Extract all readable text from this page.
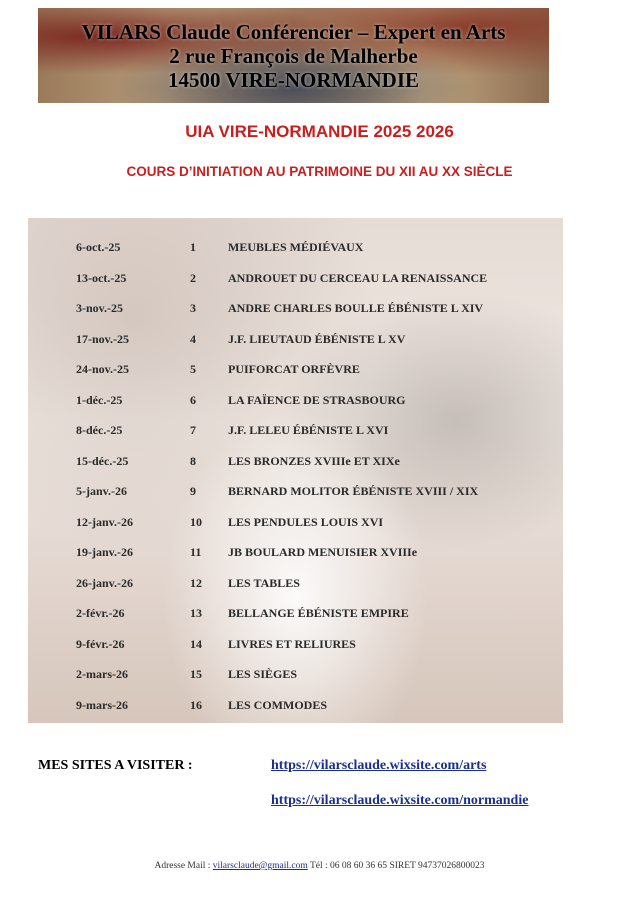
VILARS Claude Conférencier – Expert en Arts
2 rue François de Malherbe
14500 VIRE-NORMANDIE
UIA VIRE-NORMANDIE 2025 2026
COURS D’INITIATION AU PATRIMOINE DU XII AU XX SIÈCLE
6-oct.-25	1	MEUBLES MÉDIÉVAUX
13-oct.-25	2	ANDROUET DU CERCEAU LA RENAISSANCE
3-nov.-25	3	ANDRE CHARLES BOULLE ÉBÉNISTE L XIV
17-nov.-25	4	J.F. LIEUTAUD ÉBÉNISTE L XV
24-nov.-25	5	PUIFORCAT ORFÈVRE
1-déc.-25	6	LA FAÏENCE DE STRASBOURG
8-déc.-25	7	J.F. LELEU ÉBÉNISTE L XVI
15-déc.-25	8	LES BRONZES XVIIIe ET XIXe
5-janv.-26	9	BERNARD MOLITOR ÉBÉNISTE XVIII / XIX
12-janv.-26	10 LES PENDULES LOUIS XVI
19-janv.-26	11 JB BOULARD MENUISIER XVIIIe
26-janv.-26	12 LES TABLES
2-févr.-26	13 BELLANGE ÉBÉNISTE EMPIRE
9-févr.-26	14 LIVRES ET RELIURES
2-mars-26	15 LES SIÈGES
9-mars-26	16 LES COMMODES
MES SITES A VISITER :	https://vilarsclaude.wixsite.com/arts
https://vilarsclaude.wixsite.com/normandie
Adresse Mail : vilarsclaude@gmail.com Tél : 06 08 60 36 65 SIRET 94737026800023
